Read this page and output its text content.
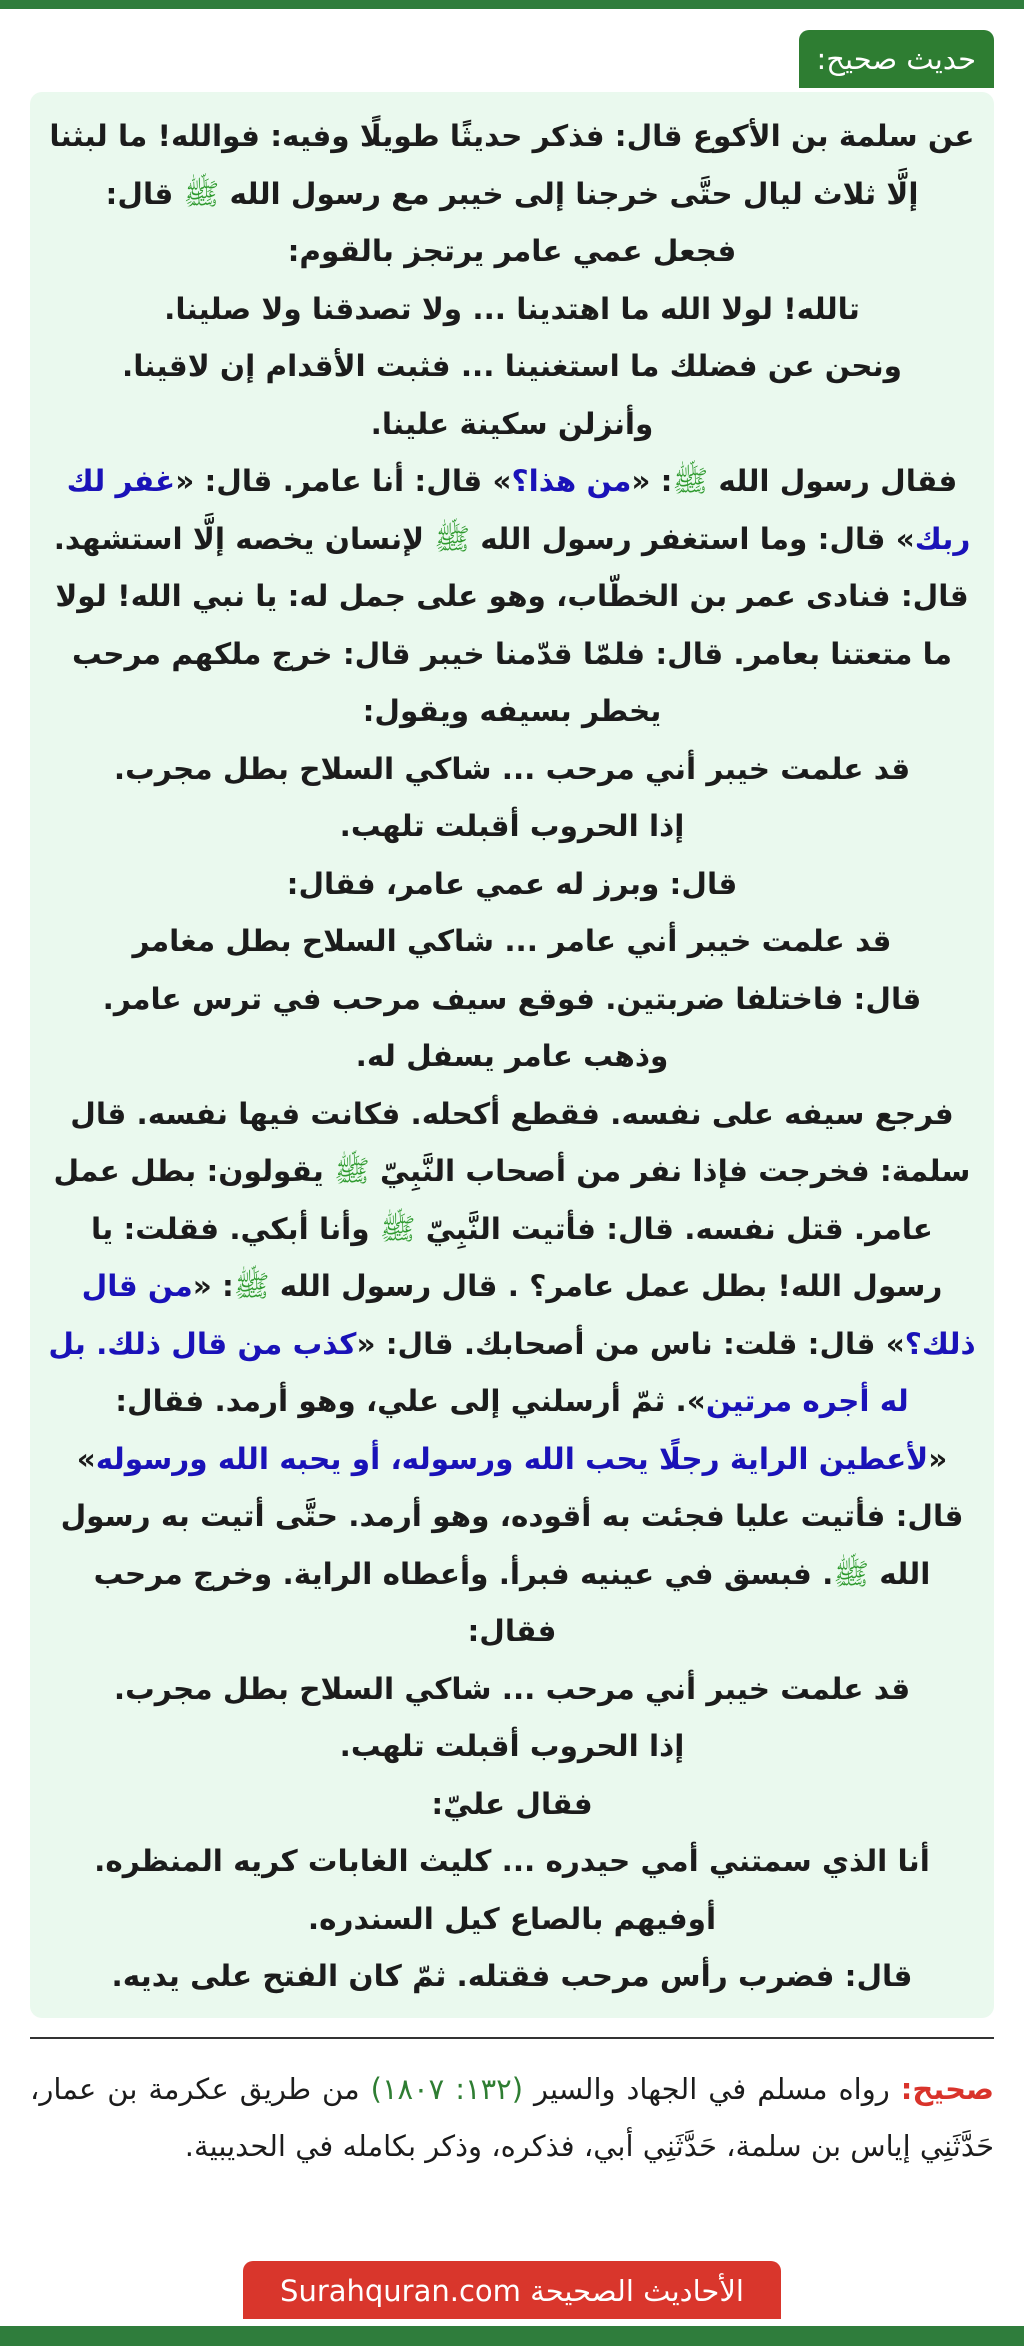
حديث صحيح:

عن سلمة بن الأكوع قال: فذكر حديثًا طويلًا وفيه: فوالله! ما لبثنا إلَّا ثلاث ليال حتَّى خرجنا إلى خيبر مع رسول الله ﷺ قال:

فجعل عمي عامر يرتجز بالقوم:

تالله! لولا الله ما اهتدينا ... ولا تصدقنا ولا صلينا.

ونحن عن فضلك ما استغنينا ... فثبت الأقدام إن لاقينا.

وأنزلن سكينة علينا.

فقال رسول الله ﷺ: «من هذا؟» قال: أنا عامر. قال: «غفر لك ربك» قال: وما استغفر رسول الله ﷺ لإنسان يخصه إلَّا استشهد. قال: فنادى عمر بن الخطّاب، وهو على جمل له: يا نبي الله! لولا ما متعتنا بعامر. قال: فلمّا قدّمنا خيبر قال: خرج ملكهم مرحب يخطر بسيفه ويقول:

قد علمت خيبر أني مرحب ... شاكي السلاح بطل مجرب.

إذا الحروب أقبلت تلهب.

قال: وبرز له عمي عامر، فقال:

قد علمت خيبر أني عامر ... شاكي السلاح بطل مغامر

قال: فاختلفا ضربتين. فوقع سيف مرحب في ترس عامر.

وذهب عامر يسفل له.

فرجع سيفه على نفسه. فقطع أكحله. فكانت فيها نفسه. قال سلمة: فخرجت فإذا نفر من أصحاب النَّبِيّ ﷺ يقولون: بطل عمل عامر. قتل نفسه. قال: فأتيت النَّبِيّ ﷺ وأنا أبكي. فقلت: يا رسول الله! بطل عمل عامر؟ . قال رسول الله ﷺ: «من قال ذلك؟» قال: قلت: ناس من أصحابك. قال: «كذب من قال ذلك. بل له أجره مرتين». ثمّ أرسلني إلى علي، وهو أرمد. فقال: «لأعطين الراية رجلًا يحب الله ورسوله، أو يحبه الله ورسوله»

قال: فأتيت عليا فجئت به أقوده، وهو أرمد. حتَّى أتيت به رسول الله ﷺ. فبسق في عينيه فبرأ. وأعطاه الراية. وخرج مرحب فقال:

قد علمت خيبر أني مرحب ... شاكي السلاح بطل مجرب.

إذا الحروب أقبلت تلهب.

فقال عليّ:

أنا الذي سمتني أمي حيدره ... كليث الغابات كريه المنظره.

أوفيهم بالصاع كيل السندره.

قال: فضرب رأس مرحب فقتله. ثمّ كان الفتح على يديه.

صحيح: رواه مسلم في الجهاد والسير (١٣٢: ١٨٠٧) من طريق عكرمة بن عمار، حَدَّثَنِي إياس بن سلمة، حَدَّثَنِي أبي، فذكره، وذكر بكامله في الحديبية.
الأحاديث الصحيحة Surahquran.com
